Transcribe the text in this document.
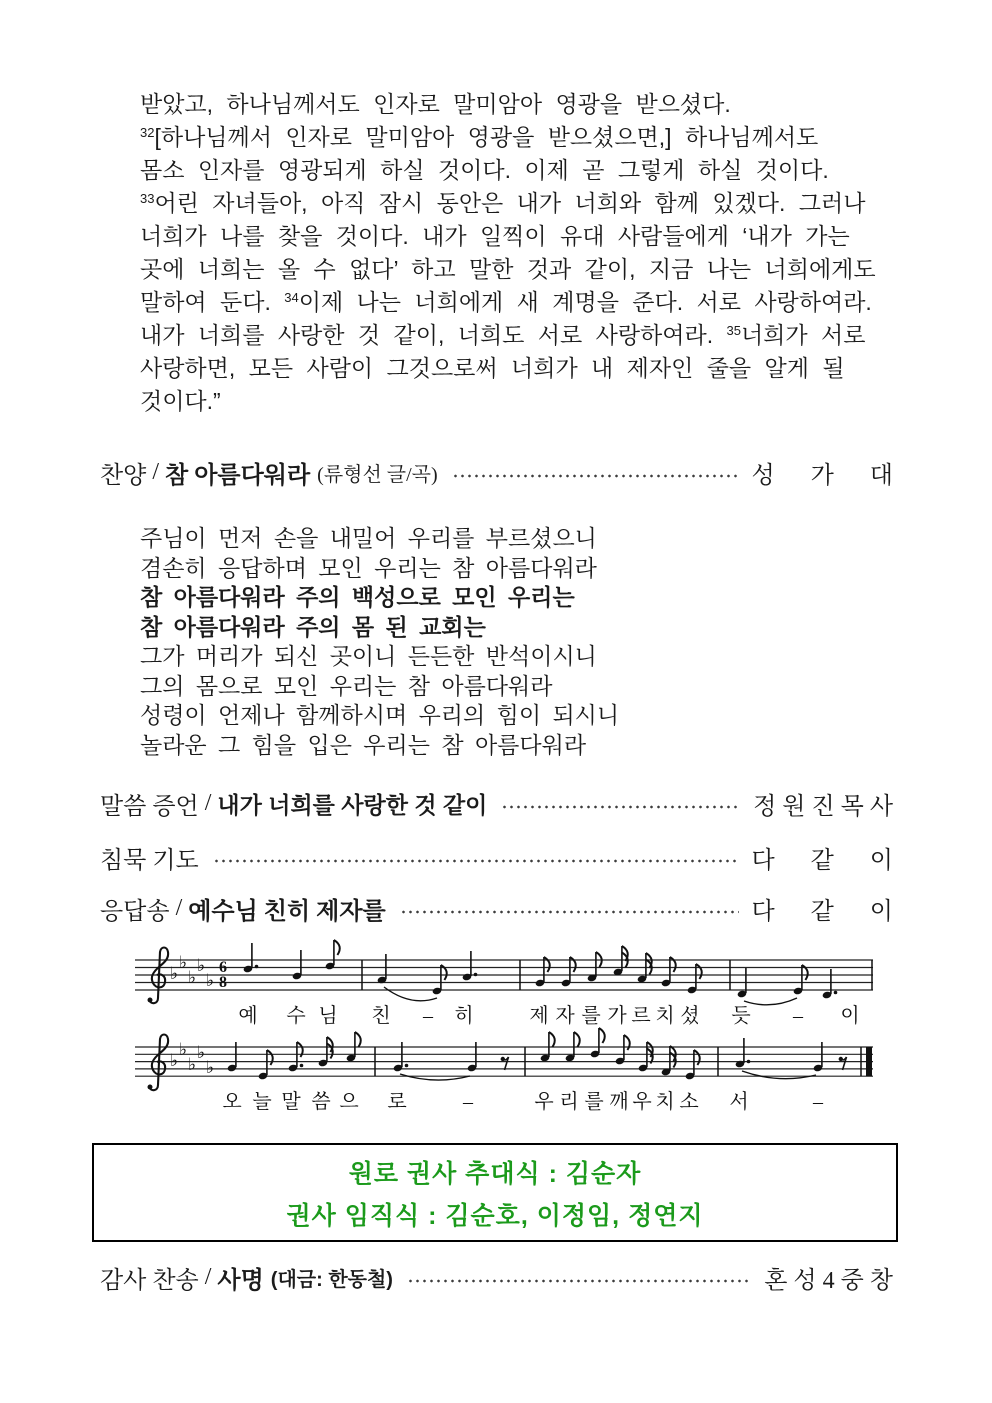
받았고, 하나님께서도 인자로 말미암아 영광을 받으셨다.
$^{32}$[하나님께서 인자로 말미암아 영광을 받으셨으면,] 하나님께서도
몸소 인자를 영광되게 하실 것이다. 이제 곧 그렇게 하실 것이다.
$^{33}$어린 자녀들아, 아직 잠시 동안은 내가 너희와 함께 있겠다. 그러나
너희가 나를 찾을 것이다. 내가 일찍이 유대 사람들에게 ‘내가 가는
곳에 너희는 올 수 없다’ 하고 말한 것과 같이, 지금 나는 너희에게도
말하여 둔다. $^{34}$이제 나는 너희에게 새 계명을 준다. 서로 사랑하여라.
내가 너희를 사랑한 것 같이, 너희도 서로 사랑하여라. $^{35}$너희가 서로
사랑하면, 모든 사람이 그것으로써 너희가 내 제자인 줄을 알게 될
것이다.”
찬양 / 참 아름다워라 (류형선 글/곡)	성      가      대
주님이 먼저 손을 내밀어 우리를 부르셨으니
겸손히 응답하며 모인 우리는 참 아름다워라
참 아름다워라 주의 백성으로 모인 우리는
참 아름다워라 주의 몸 된 교회는
그가 머리가 되신 곳이니 든든한 반석이시니
그의 몸으로 모인 우리는 참 아름다워라
성령이 언제나 함께하시며 우리의 힘이 되시니
놀라운 그 힘을 입은 우리는 참 아름다워라
말씀 증언 / 내가 너희를 사랑한 것 같이	정 원 진 목 사
침묵 기도	다      같      이
응답송 / 예수님 친히 제자를	다      같      이
♭
♭
♭
♭
♭
6
8
예 수 님 친 – 히	제 자 를 가 르 치 셨 듯 – 이
♭
♭
♭
♭
♭
오 늘 말 씀 으 로	–	우 리 를 깨 우 치 소 서	–
원로 권사 추대식 : 김순자
권사 임직식 : 김순호, 이정임, 정연지
감사 찬송 / 사명 (대금: 한동철)	혼 성 4 중 창
